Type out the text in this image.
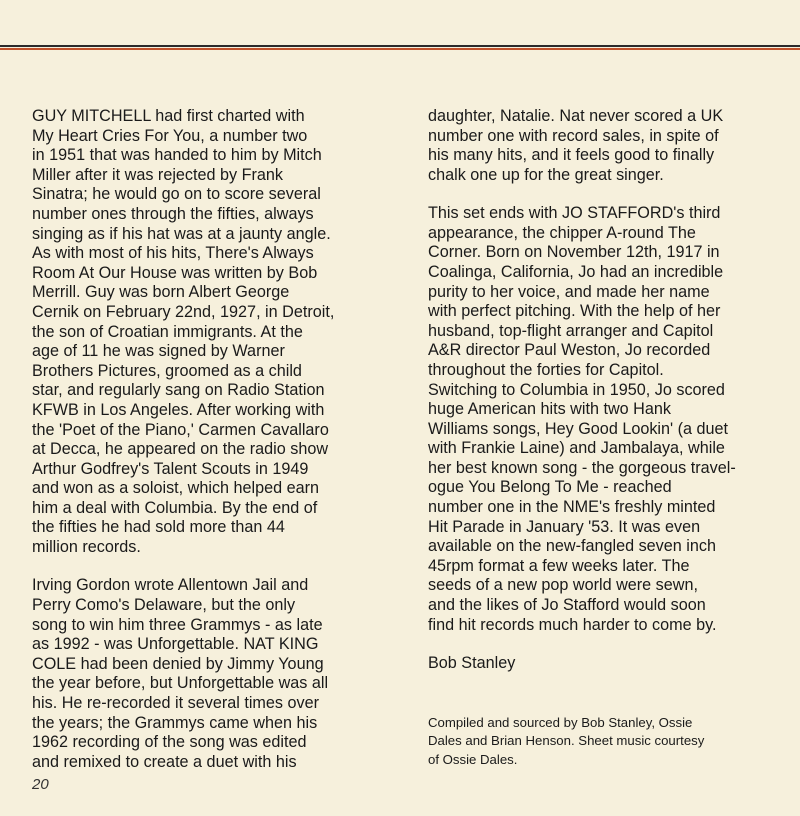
GUY MITCHELL had first charted with
My Heart Cries For You, a number two
in 1951 that was handed to him by Mitch
Miller after it was rejected by Frank
Sinatra; he would go on to score several
number ones through the fifties, always
singing as if his hat was at a jaunty angle.
As with most of his hits, There's Always
Room At Our House was written by Bob
Merrill. Guy was born Albert George
Cernik on February 22nd, 1927, in Detroit,
the son of Croatian immigrants. At the
age of 11 he was signed by Warner
Brothers Pictures, groomed as a child
star, and regularly sang on Radio Station
KFWB in Los Angeles. After working with
the 'Poet of the Piano,' Carmen Cavallaro
at Decca, he appeared on the radio show
Arthur Godfrey's Talent Scouts in 1949
and won as a soloist, which helped earn
him a deal with Columbia. By the end of
the fifties he had sold more than 44
million records.
Irving Gordon wrote Allentown Jail and
Perry Como's Delaware, but the only
song to win him three Grammys - as late
as 1992 - was Unforgettable. NAT KING
COLE had been denied by Jimmy Young
the year before, but Unforgettable was all
his. He re-recorded it several times over
the years; the Grammys came when his
1962 recording of the song was edited
and remixed to create a duet with his
daughter, Natalie. Nat never scored a UK
number one with record sales, in spite of
his many hits, and it feels good to finally
chalk one up for the great singer.
This set ends with JO STAFFORD's third
appearance, the chipper A-round The
Corner. Born on November 12th, 1917 in
Coalinga, California, Jo had an incredible
purity to her voice, and made her name
with perfect pitching. With the help of her
husband, top-flight arranger and Capitol
A&R director Paul Weston, Jo recorded
throughout the forties for Capitol.
Switching to Columbia in 1950, Jo scored
huge American hits with two Hank
Williams songs, Hey Good Lookin' (a duet
with Frankie Laine) and Jambalaya, while
her best known song - the gorgeous travel-
ogue You Belong To Me - reached
number one in the NME's freshly minted
Hit Parade in January '53. It was even
available on the new-fangled seven inch
45rpm format a few weeks later. The
seeds of a new pop world were sewn,
and the likes of Jo Stafford would soon
find hit records much harder to come by.
Bob Stanley
Compiled and sourced by Bob Stanley, Ossie
Dales and Brian Henson. Sheet music courtesy
of Ossie Dales.
20
